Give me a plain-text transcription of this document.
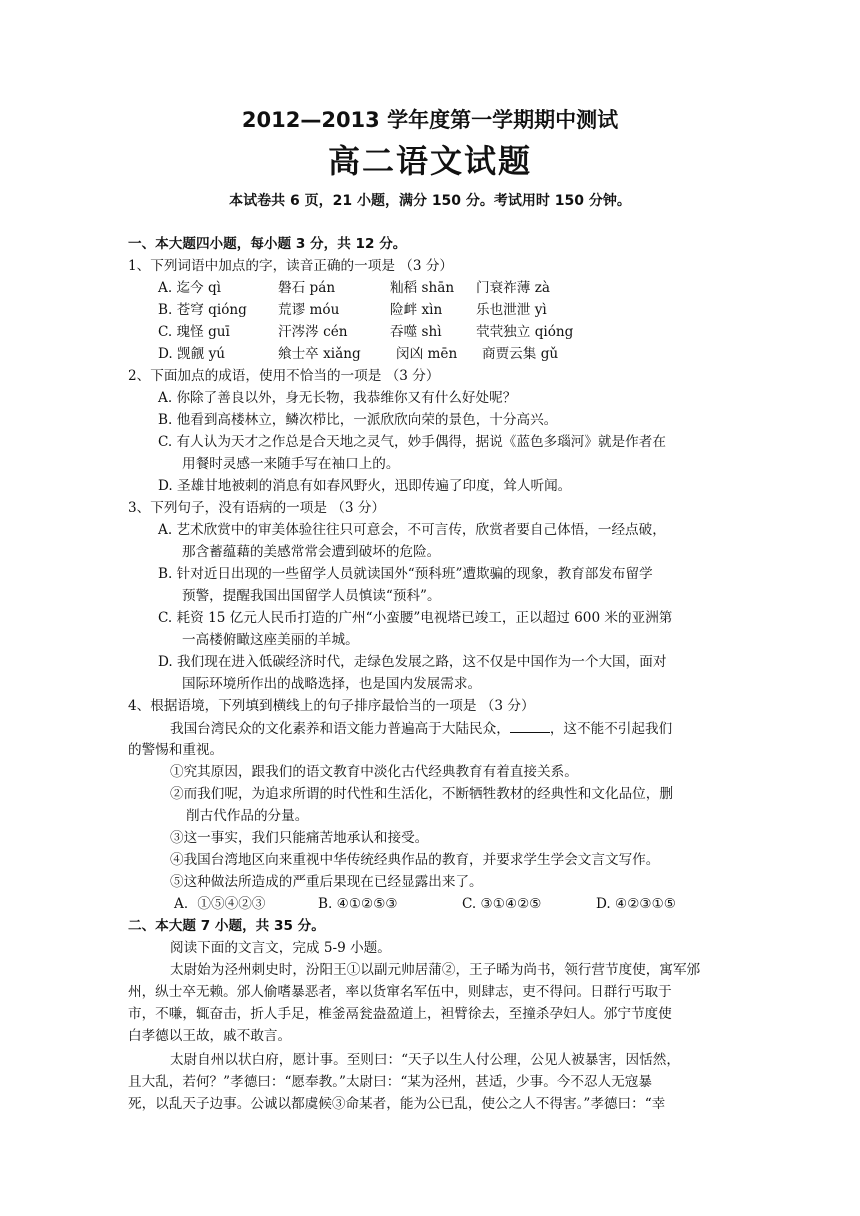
2012—2013 学年度第一学期期中测试
高二语文试题
本试卷共 6 页，21 小题，满分 150 分。考试用时 150 分钟。
一、本大题四小题，每小题 3 分，共 12 分。
1、下列词语中加点的字，读音正确的一项是 （3 分）
A. 迄今 qì	磐石 pán	籼稻 shān 门衰祚薄 zà
B. 苍穹 qióng 荒谬 móu	险衅 xìn 乐也泄泄 yì
C. 瑰怪 guī	汗涔涔 cén	吞噬 shì	茕茕独立 qióng
D. 觊觎 yú	飨士卒 xiǎng	闵凶 mēn 商贾云集 gǔ
2、下面加点的成语，使用不恰当的一项是 （3 分）
A. 你除了善良以外，身无长物，我恭维你又有什么好处呢？
B. 他看到高楼林立，鳞次栉比，一派欣欣向荣的景色，十分高兴。
C. 有人认为天才之作总是合天地之灵气，妙手偶得，据说《蓝色多瑙河》就是作者在
用餐时灵感一来随手写在袖口上的。
D. 圣雄甘地被刺的消息有如春风野火，迅即传遍了印度，耸人听闻。
3、下列句子，没有语病的一项是 （3 分）
A. 艺术欣赏中的审美体验往往只可意会，不可言传，欣赏者要自己体悟，一经点破，
那含蓄蕴藉的美感常常会遭到破坏的危险。
B. 针对近日出现的一些留学人员就读国外“预科班”遭欺骗的现象，教育部发布留学
预警，提醒我国出国留学人员慎读“预科”。
C. 耗资 15 亿元人民币打造的广州“小蛮腰”电视塔已竣工，正以超过 600 米的亚洲第
一高楼俯瞰这座美丽的羊城。
D. 我们现在进入低碳经济时代，走绿色发展之路，这不仅是中国作为一个大国，面对
国际环境所作出的战略选择，也是国内发展需求。
4、根据语境，下列填到横线上的句子排序最恰当的一项是 （3 分）
我国台湾民众的文化素养和语文能力普遍高于大陆民众，	，这不能不引起我们
的警惕和重视。
①究其原因，跟我们的语文教育中淡化古代经典教育有着直接关系。
②而我们呢，为追求所谓的时代性和生活化，不断牺牲教材的经典性和文化品位，删
削古代作品的分量。
③这一事实，我们只能痛苦地承认和接受。
④我国台湾地区向来重视中华传统经典作品的教育，并要求学生学会文言文写作。
⑤这种做法所造成的严重后果现在已经显露出来了。
A．①⑤④②③	B. ④①②⑤③	C. ③①④②⑤	D. ④②③①⑤
二、本大题 7 小题，共 35 分。
阅读下面的文言文，完成 5-9 小题。
太尉始为泾州刺史时，汾阳王①以副元帅居蒲②，王子晞为尚书，领行营节度使，寓军邠
州，纵士卒无赖。邠人偷嗜暴恶者，率以货窜名军伍中，则肆志，吏不得问。日群行丐取于
市，不嗛，辄奋击，折人手足，椎釜鬲瓮盎盈道上，袒臂徐去，至撞杀孕妇人。邠宁节度使
白孝德以王故，戚不敢言。
太尉自州以状白府，愿计事。至则曰：“天子以生人付公理，公见人被暴害，因恬然，
且大乱，若何？”孝德曰：“愿奉教。”太尉曰：“某为泾州，甚适，少事。今不忍人无寇暴
死，以乱天子边事。公诚以都虞候③命某者，能为公已乱，使公之人不得害。”孝德曰：“幸
